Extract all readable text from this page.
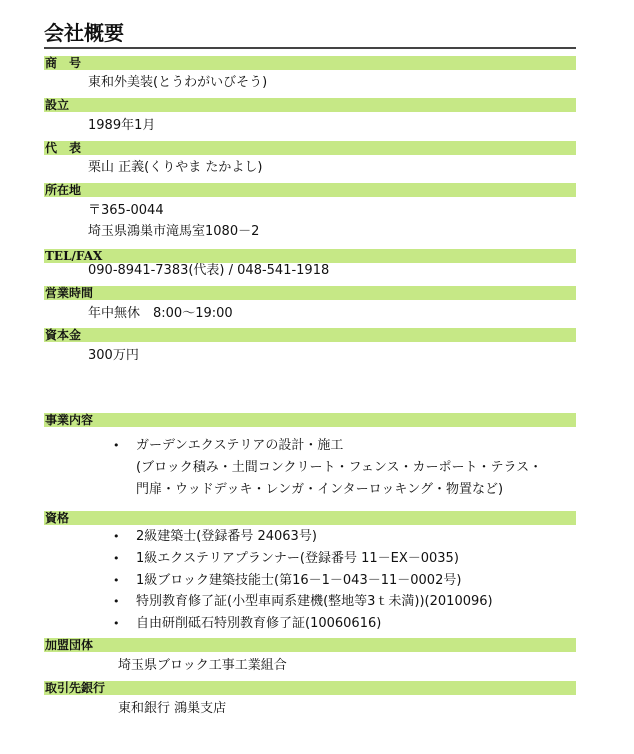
会社概要
商　号
東和外美装(とうわがいびそう)
設立
1989年1月
代　表
栗山 正義(くりやま たかよし)
所在地
〒365-0044
埼玉県鴻巣市滝馬室1080－2
TEL/FAX
090-8941-7383(代表) / 048-541-1918
営業時間
年中無休　8:00～19:00
資本金
300万円
事業内容
• ガーデンエクステリアの設計・施工
(ブロック積み・土間コンクリート・フェンス・カーポート・テラス・
門扉・ウッドデッキ・レンガ・インターロッキング・物置など)
資格
• 2級建築士(登録番号 24063号)
• 1級エクステリアプランナー(登録番号 11－EX－0035)
• 1級ブロック建築技能士(第16－1－043－11－0002号)
• 特別教育修了証(小型車両系建機(整地等3ｔ未満))(2010096)
• 自由研削砥石特別教育修了証(10060616)
加盟団体
埼玉県ブロック工事工業組合
取引先銀行
東和銀行 鴻巣支店
